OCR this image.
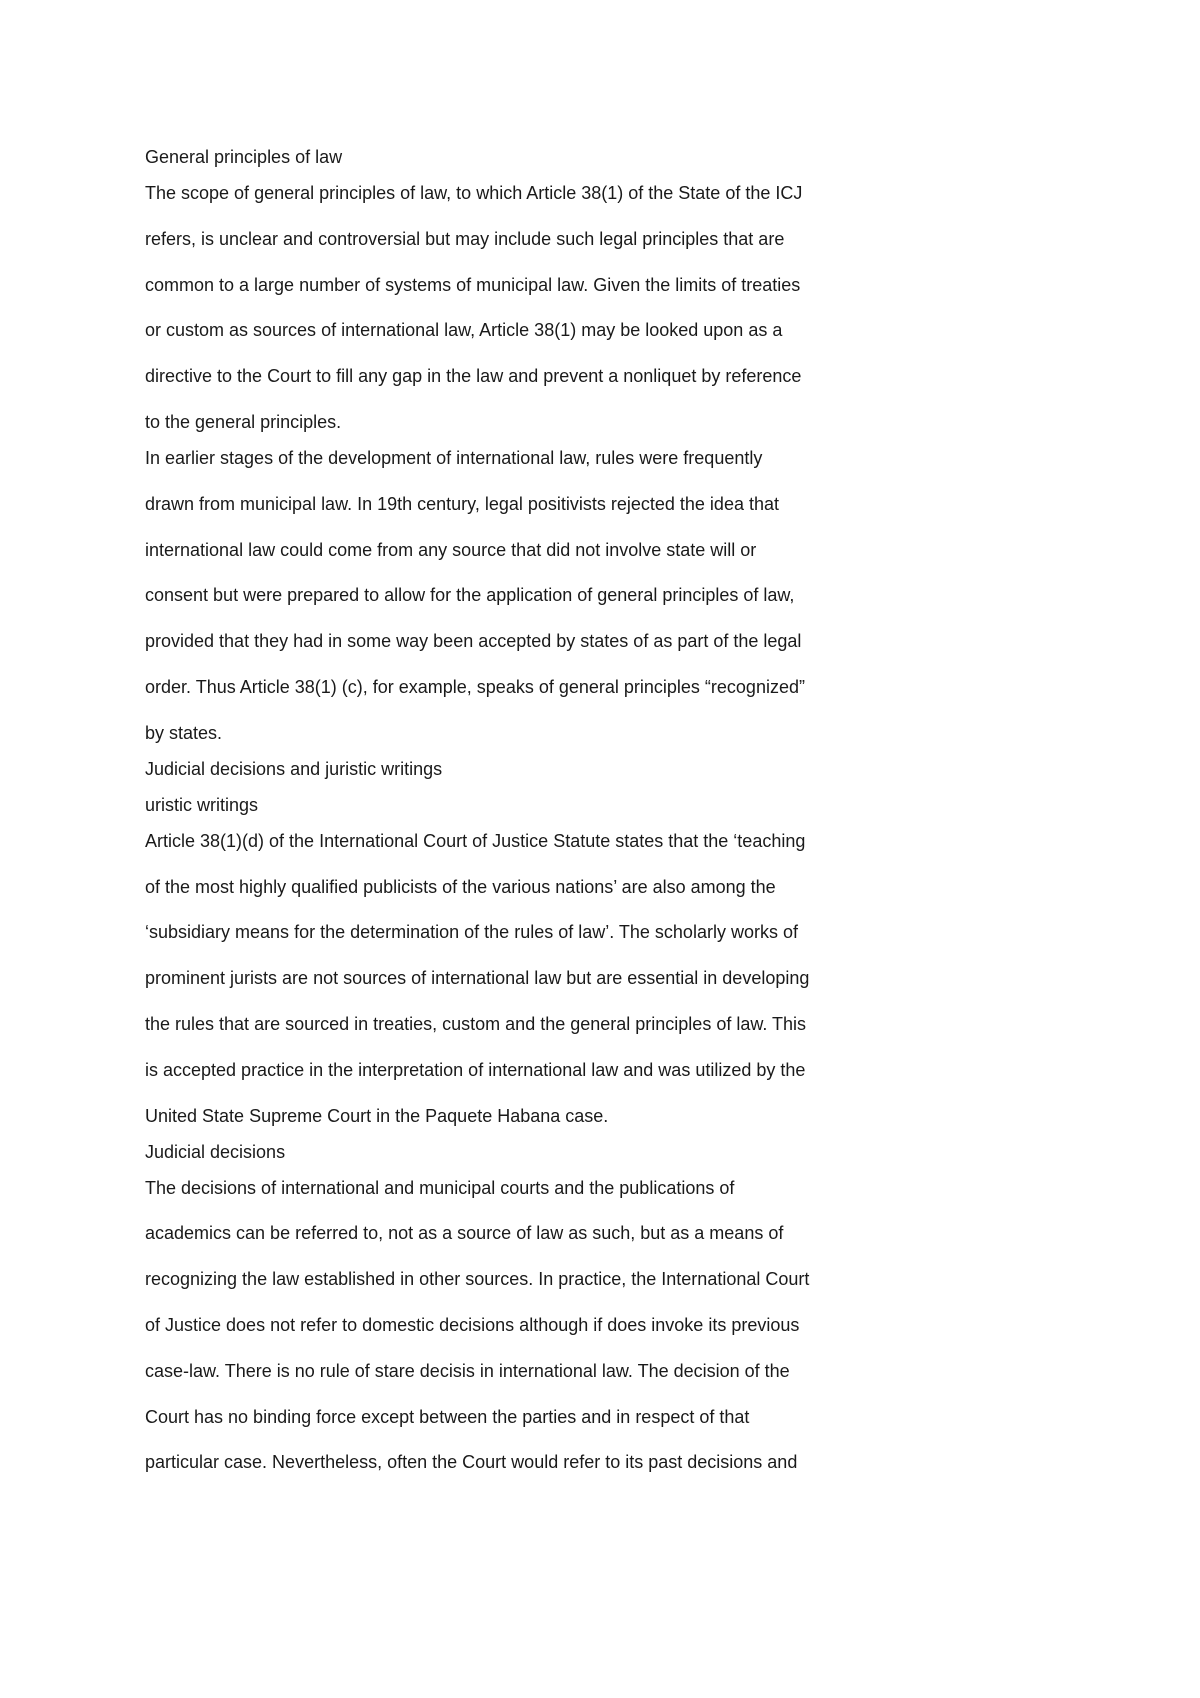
General principles of law
The scope of general principles of law, to which Article 38(1) of the State of the ICJ
refers, is unclear and controversial but may include such legal principles that are
common to a large number of systems of municipal law. Given the limits of treaties
or custom as sources of international law, Article 38(1) may be looked upon as a
directive to the Court to fill any gap in the law and prevent a nonliquet by reference
to the general principles.
In earlier stages of the development of international law, rules were frequently
drawn from municipal law. In 19th century, legal positivists rejected the idea that
international law could come from any source that did not involve state will or
consent but were prepared to allow for the application of general principles of law,
provided that they had in some way been accepted by states of as part of the legal
order. Thus Article 38(1) (c), for example, speaks of general principles “recognized”
by states.
Judicial decisions and juristic writings
uristic writings
Article 38(1)(d) of the International Court of Justice Statute states that the ‘teaching
of the most highly qualified publicists of the various nations’ are also among the
‘subsidiary means for the determination of the rules of law’. The scholarly works of
prominent jurists are not sources of international law but are essential in developing
the rules that are sourced in treaties, custom and the general principles of law. This
is accepted practice in the interpretation of international law and was utilized by the
United State Supreme Court in the Paquete Habana case.
Judicial decisions
The decisions of international and municipal courts and the publications of
academics can be referred to, not as a source of law as such, but as a means of
recognizing the law established in other sources. In practice, the International Court
of Justice does not refer to domestic decisions although if does invoke its previous
case-law. There is no rule of stare decisis in international law. The decision of the
Court has no binding force except between the parties and in respect of that
particular case. Nevertheless, often the Court would refer to its past decisions and
